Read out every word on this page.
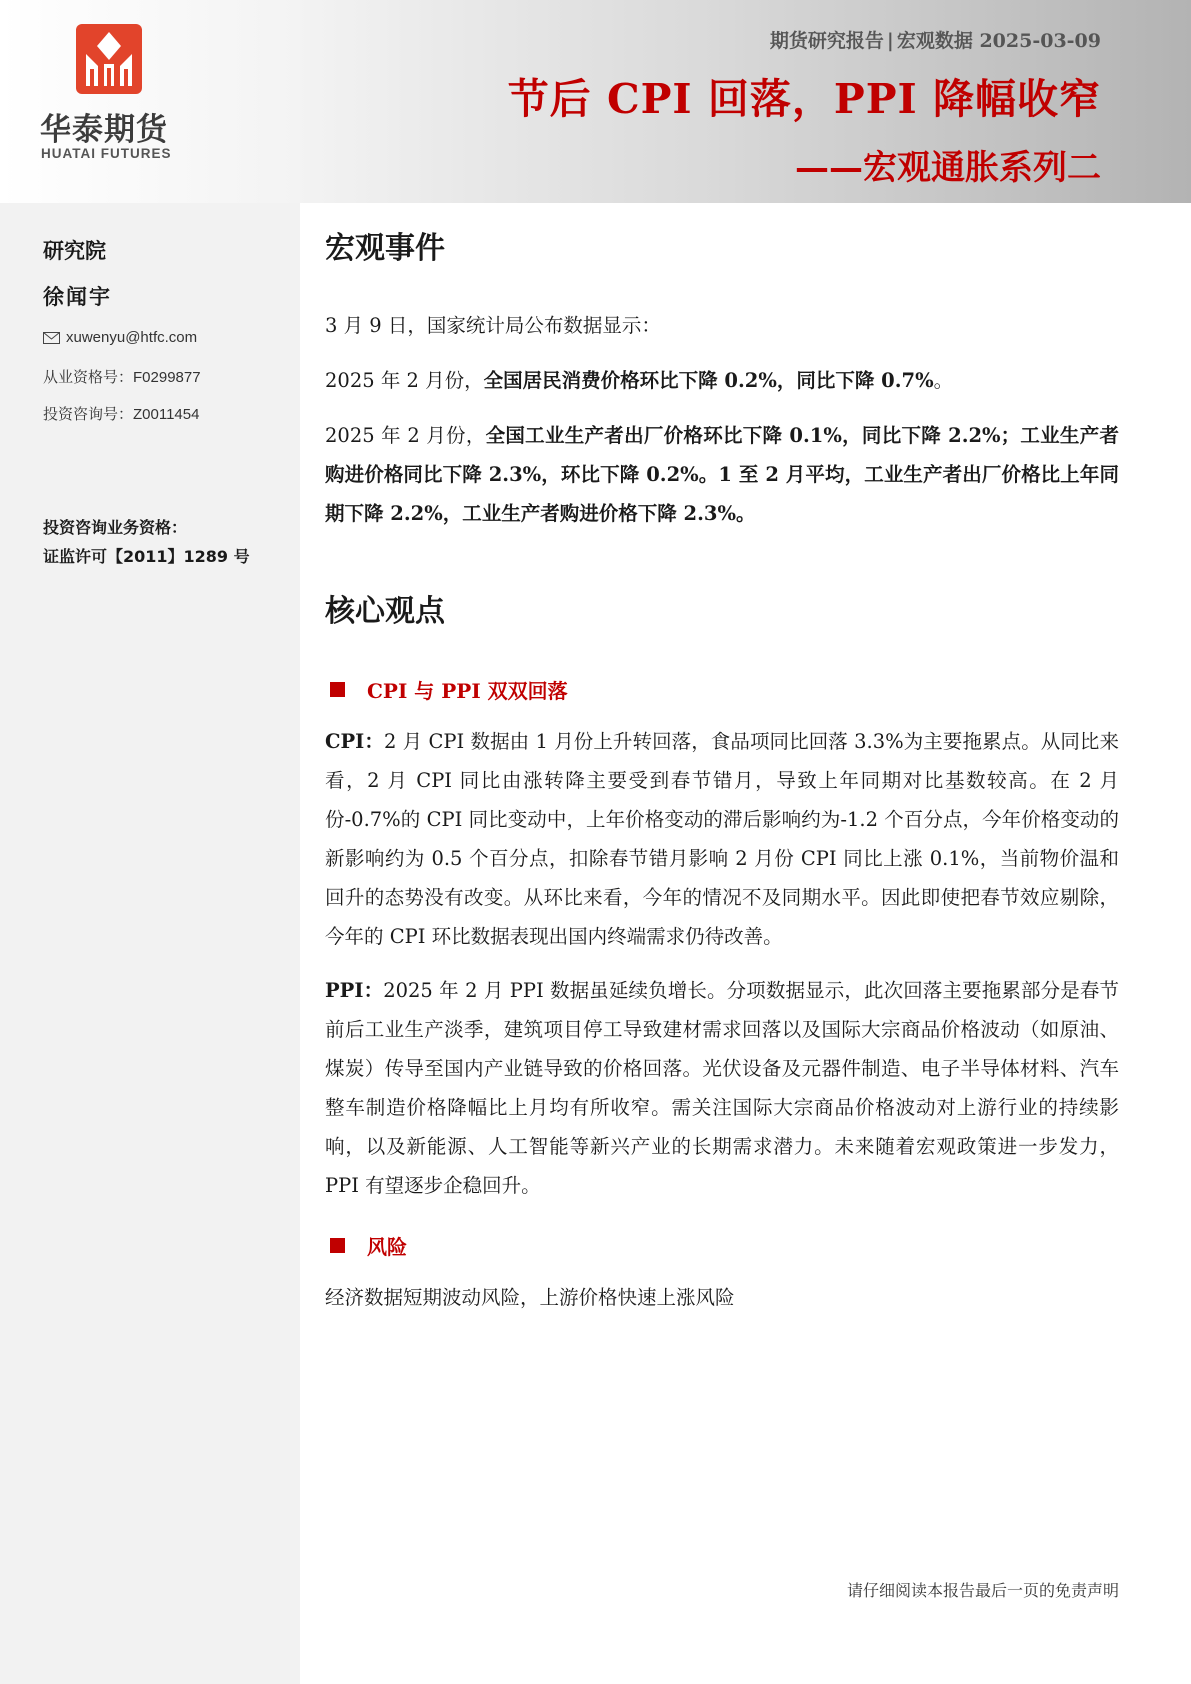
华泰期货
HUATAI FUTURES
期货研究报告 | 宏观数据 2025-03-09
节后 CPI 回落，PPI 降幅收窄
——宏观通胀系列二
研究院
徐闻宇
xuwenyu@htfc.com
从业资格号：F0299877
投资咨询号：Z0011454
投资咨询业务资格：
证监许可【2011】1289 号
宏观事件
3 月 9 日，国家统计局公布数据显示：
2025 年 2 月份，全国居民消费价格环比下降 0.2%，同比下降 0.7%。
2025 年 2 月份，全国工业生产者出厂价格环比下降 0.1%，同比下降 2.2%；工业生产者购进价格同比下降 2.3%，环比下降 0.2%。1 至 2 月平均，工业生产者出厂价格比上年同期下降 2.2%，工业生产者购进价格下降 2.3%。
核心观点
CPI 与 PPI 双双回落
CPI：2 月 CPI 数据由 1 月份上升转回落，食品项同比回落 3.3%为主要拖累点。从同比来看，2 月 CPI 同比由涨转降主要受到春节错月，导致上年同期对比基数较高。在 2 月份-0.7%的 CPI 同比变动中，上年价格变动的滞后影响约为-1.2 个百分点，今年价格变动的新影响约为 0.5 个百分点，扣除春节错月影响 2 月份 CPI 同比上涨 0.1%，当前物价温和回升的态势没有改变。从环比来看，今年的情况不及同期水平。因此即使把春节效应剔除，今年的 CPI 环比数据表现出国内终端需求仍待改善。
PPI：2025 年 2 月 PPI 数据虽延续负增长。分项数据显示，此次回落主要拖累部分是春节前后工业生产淡季，建筑项目停工导致建材需求回落以及国际大宗商品价格波动（如原油、煤炭）传导至国内产业链导致的价格回落。光伏设备及元器件制造、电子半导体材料、汽车整车制造价格降幅比上月均有所收窄。需关注国际大宗商品价格波动对上游行业的持续影响，以及新能源、人工智能等新兴产业的长期需求潜力。未来随着宏观政策进一步发力，PPI 有望逐步企稳回升。
风险
经济数据短期波动风险，上游价格快速上涨风险
请仔细阅读本报告最后一页的免责声明
